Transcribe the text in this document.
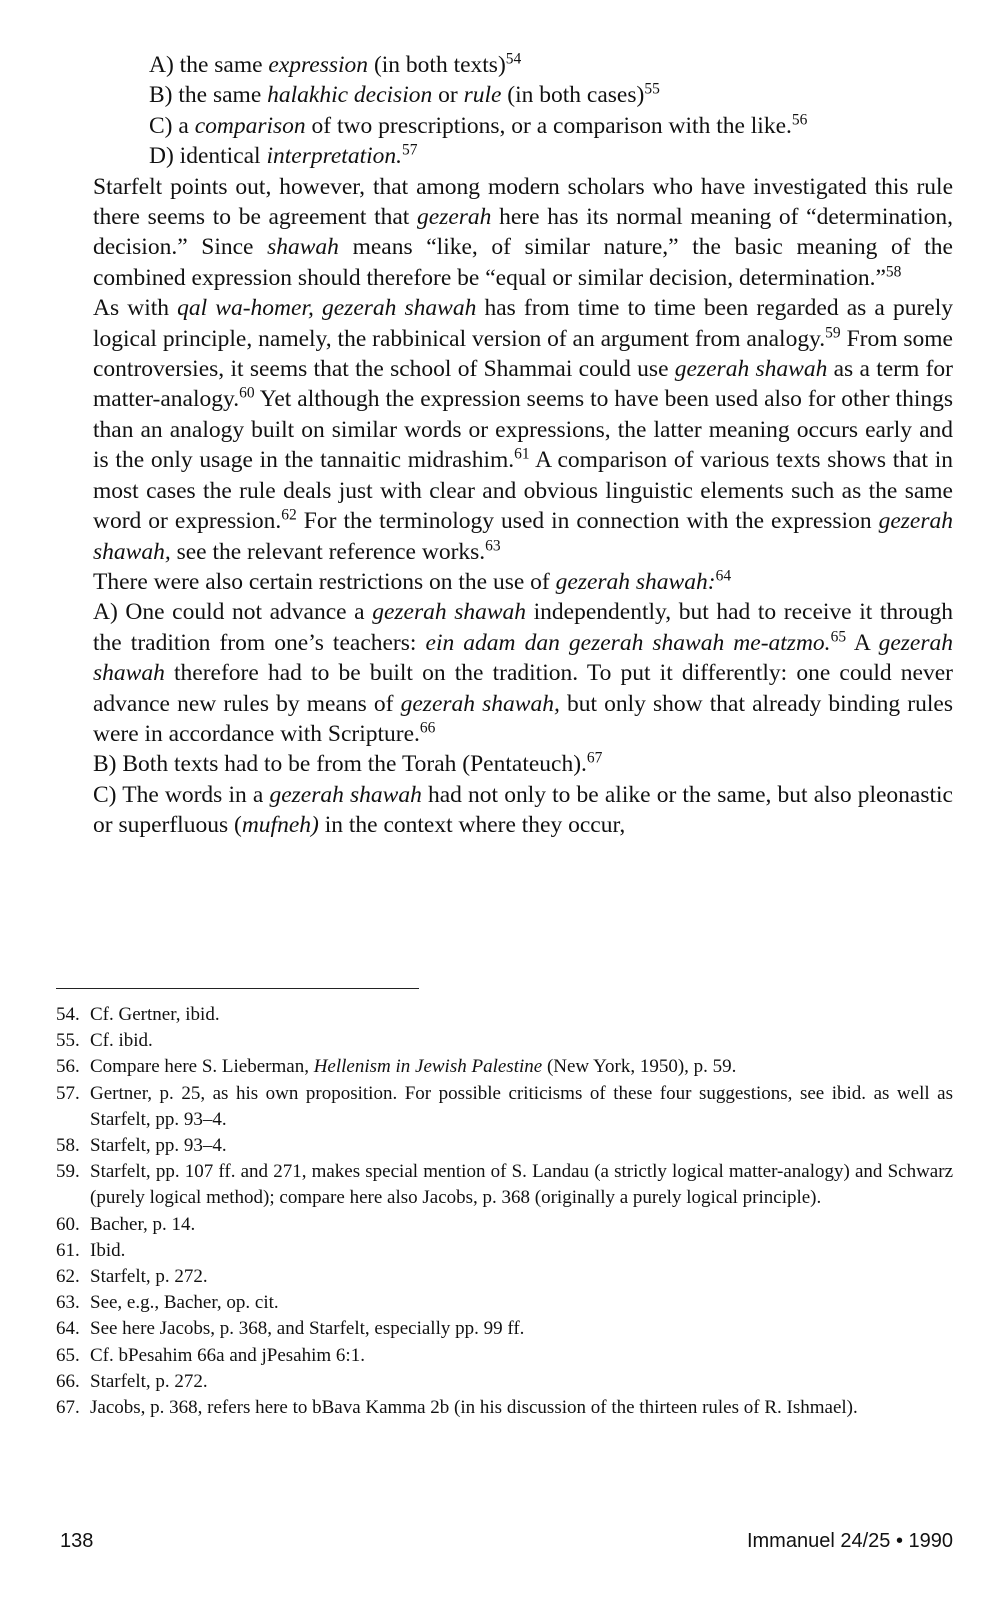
A) the same expression (in both texts)$^{54}$

B) the same halakhic decision or rule (in both cases)$^{55}$

C) a comparison of two prescriptions, or a comparison with the like.$^{56}$

D) identical interpretation.$^{57}$

Starfelt points out, however, that among modern scholars who have investigated this rule there seems to be agreement that gezerah here has its normal meaning of “determination, decision.” Since shawah means “like, of similar nature,” the basic meaning of the combined expression should therefore be “equal or similar decision, determination.”$^{58}$

As with qal wa-homer, gezerah shawah has from time to time been regarded as a purely logical principle, namely, the rabbinical version of an argument from analogy.$^{59}$ From some controversies, it seems that the school of Shammai could use gezerah shawah as a term for matter-analogy.$^{60}$ Yet although the expression seems to have been used also for other things than an analogy built on similar words or expressions, the latter meaning occurs early and is the only usage in the tannaitic midrashim.$^{61}$ A comparison of various texts shows that in most cases the rule deals just with clear and obvious linguistic elements such as the same word or expression.$^{62}$ For the terminology used in connection with the expression gezerah shawah, see the relevant reference works.$^{63}$

There were also certain restrictions on the use of gezerah shawah:$^{64}$

A) One could not advance a gezerah shawah independently, but had to receive it through the tradition from one’s teachers: ein adam dan gezerah shawah me-atzmo.$^{65}$ A gezerah shawah therefore had to be built on the tradition. To put it differently: one could never advance new rules by means of gezerah shawah, but only show that already binding rules were in accordance with Scripture.$^{66}$

B) Both texts had to be from the Torah (Pentateuch).$^{67}$

C) The words in a gezerah shawah had not only to be alike or the same, but also pleonastic or superfluous (mufneh) in the context where they occur,

54. Cf. Gertner, ibid.

55. Cf. ibid.

56. Compare here S. Lieberman, Hellenism in Jewish Palestine (New York, 1950), p. 59.

57. Gertner, p. 25, as his own proposition. For possible criticisms of these four suggestions, see ibid. as well as Starfelt, pp. 93–4.

58. Starfelt, pp. 93–4.

59. Starfelt, pp. 107 ff. and 271, makes special mention of S. Landau (a strictly logical matter-analogy) and Schwarz (purely logical method); compare here also Jacobs, p. 368 (originally a purely logical principle).

60. Bacher, p. 14.

61. Ibid.

62. Starfelt, p. 272.

63. See, e.g., Bacher, op. cit.

64. See here Jacobs, p. 368, and Starfelt, especially pp. 99 ff.

65. Cf. bPesahim 66a and jPesahim 6:1.

66. Starfelt, p. 272.

67. Jacobs, p. 368, refers here to bBava Kamma 2b (in his discussion of the thirteen rules of R. Ishmael).

138	Immanuel 24/25 • 1990
